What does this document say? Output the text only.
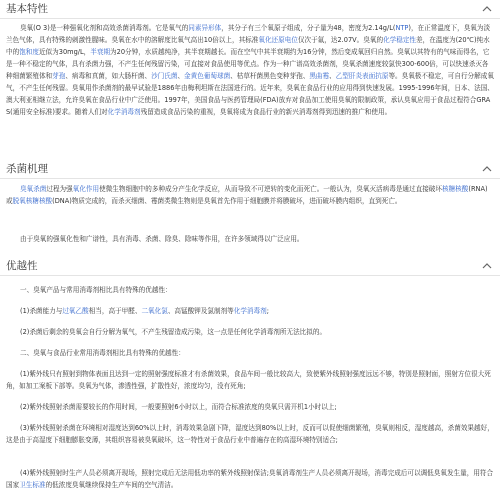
基本特性
臭氧(O 3)是一种强氧化剂和高效杀菌消毒剂。它是氧气的同素异形体，其分子有三个氧原子组成，分子量为48，密度为2.14g/L(NTP)，在正常温度下，臭氧为淡兰色气体，具有特殊的刺激性腥味。臭氧在水中的溶解度比氧气高出10倍以上，其标准氧化还原电位仅次于氟，达2.07V。臭氧的化学稳定性差，在温度为(20℃)纯水中的饱和度近似为30mg/L，半衰期为20分钟，水质越纯净，其半衰期越长。而在空气中其半衰期约为16分钟，然后变成氧回归自然。臭氧以其特有的气味而得名，它是一种不稳定的气体，具有杀菌力强，不产生任何残留污染，可直接对食品使用等优点。作为一种广谱高效杀菌剂，臭氧杀菌速度较氯快300-600倍，可以快速杀灭各种细菌繁殖体和芽孢、病毒和真菌，如大肠杆菌、沙门氏菌、金黄色葡萄球菌、枯草杆菌黑色变种芽孢、黑曲霉、乙型肝炎表面抗原等。臭氧极不稳定，可自行分解成氧气，不产生任何残留。臭氧用作杀菌剂的最早试验是1886年由梅利坦斯在法国进行的。近年来，臭氧在食品行业的应用得到快速发展。1995-1996年间，日本、法国、澳大利亚相继立法，允许臭氧在食品行业中广泛使用。1997年，美国食品与医药管理局(FDA)放弃对食品加工使用臭氧的限制政策，承认臭氧应用于食品过程符合GRAS(通用安全标准)要求。随着人们对化学消毒剂残留造成食品污染的重视，臭氧将成为食品行业的新兴消毒剂得到迅速的推广和使用。
杀菌机理
臭氧杀菌过程为强氧化作用使微生物细胞中的多种成分产生化学反应，从而导致不可逆转的变化而死亡。一般认为，臭氧灭活病毒是通过直接破坏核糖核酸(RNA)或脱氧核糖核酸(DNA)物质完成的，而杀灭细菌、霉菌类微生物则是臭氧首先作用于细胞膜并将膜破坏，进而破坏膜内组织，直到死亡。
由于臭氧的强氧化性和广谱性，具有消毒、杀菌、除臭、除味等作用，在许多领域得以广泛应用。
优越性
一、臭氧产品与常用消毒剂相比具有特殊的优越性：
(1)杀菌能力与过氧乙酸相当，高于甲醛、二氧化氯、高锰酸钾及氯制剂等化学消毒剂;
(2)杀菌后剩余的臭氧会自行分解为氧气，不产生残留造成污染，这一点是任何化学消毒剂所无法比拟的。
二、臭氧与食品行业常用消毒剂相比具有特殊的优越性：
(1)紫外线只有照射到物体表面且达到一定的照射强度标准才有杀菌效果，食品车间一般比较高大，致使紫外线照射强度远远不够，特别是照射面，照射方位很大死角，如加工案板下部等。臭氧为气体，渗透性强，扩散性好，浓度均匀，没有死角;
(2)紫外线照射杀菌需要较长的作用时间，一般要照射6小时以上，而符合标准浓度的臭氧只需开机1小时以上;
(3)紫外线照射杀菌在环境相对湿度达到60%以上时，消毒效果急剧下降，湿度达到80%以上时，反而可以促使细菌繁殖，臭氧则相反，湿度越高，杀菌效果越好，这是由于高湿度下细胞膨胀变薄，其组织容易被臭氧破坏，这一特性对于食品行业中普遍存在的高湿环境特别适合;
(4)紫外线照射时生产人员必须离开现场，照射完成后无法用低功率的紫外线照射保洁;臭氧消毒剂生产人员必须离开现场，消毒完成后可以调低臭氧发生量，用符合国家卫生标准的低浓度臭氧继续保持生产车间的空气清洁。
